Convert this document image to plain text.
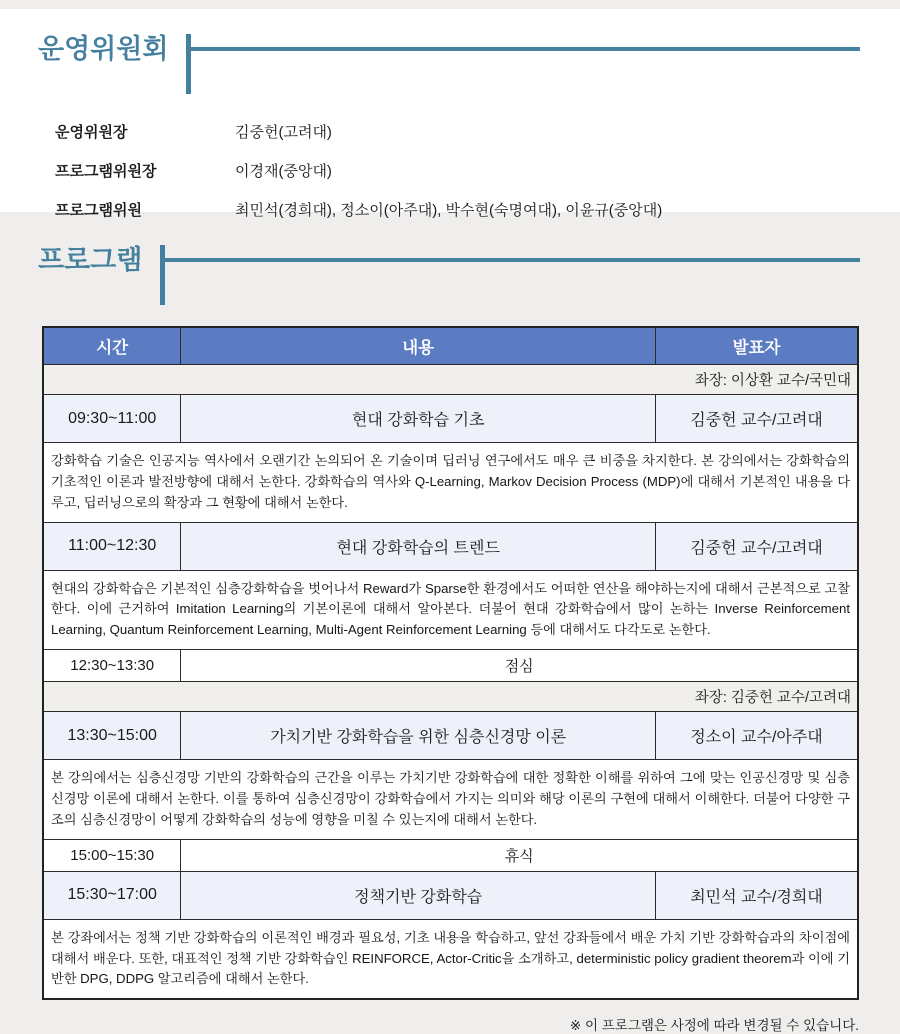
운영위원회
운영위원장	김중헌(고려대)
프로그램위원장	이경재(중앙대)
프로그램위원	최민석(경희대), 정소이(아주대), 박수현(숙명여대), 이윤규(중앙대)
프로그램
시간	내용	발표자
좌장: 이상환 교수/국민대		
09:30~11:00	현대 강화학습 기초	김중헌 교수/고려대
강화학습 기술은 인공지능 역사에서 오랜기간 논의되어 온 기술이며 딥러닝 연구에서도 매우 큰 비중을 차지한다. 본 강의에서는 강화학습의 기초적인 이론과 발전방향에 대해서 논한다. 강화학습의 역사와 Q-Learning, Markov Decision Process (MDP)에 대해서 기본적인 내용을 다루고, 딥러닝으로의 확장과 그 현황에 대해서 논한다.		
11:00~12:30	현대 강화학습의 트렌드	김중헌 교수/고려대
현대의 강화학습은 기본적인 심층강화학습을 벗어나서 Reward가 Sparse한 환경에서도 어떠한 연산을 해야하는지에 대해서 근본적으로 고찰한다. 이에 근거하여 Imitation Learning의 기본이론에 대해서 알아본다. 더불어 현대 강화학습에서 많이 논하는 Inverse Reinforcement Learning, Quantum Reinforcement Learning, Multi-Agent Reinforcement Learning 등에 대해서도 다각도로 논한다.		
12:30~13:30	점심	
좌장: 김중헌 교수/고려대		
13:30~15:00	가치기반 강화학습을 위한 심층신경망 이론	정소이 교수/아주대
본 강의에서는 심층신경망 기반의 강화학습의 근간을 이루는 가치기반 강화학습에 대한 정확한 이해를 위하여 그에 맞는 인공신경망 및 심층신경망 이론에 대해서 논한다. 이를 통하여 심층신경망이 강화학습에서 가지는 의미와 해당 이론의 구현에 대해서 이해한다. 더불어 다양한 구조의 심층신경망이 어떻게 강화학습의 성능에 영향을 미칠 수 있는지에 대해서 논한다.		
15:00~15:30	휴식	
15:30~17:00	정책기반 강화학습	최민석 교수/경희대
본 강좌에서는 정책 기반 강화학습의 이론적인 배경과 필요성, 기초 내용을 학습하고, 앞선 강좌들에서 배운 가치 기반 강화학습과의 차이점에 대해서 배운다. 또한, 대표적인 정책 기반 강화학습인 REINFORCE, Actor-Critic을 소개하고, deterministic policy gradient theorem과 이에 기반한 DPG, DDPG 알고리즘에 대해서 논한다.		
※ 이 프로그램은 사정에 따라 변경될 수 있습니다.
